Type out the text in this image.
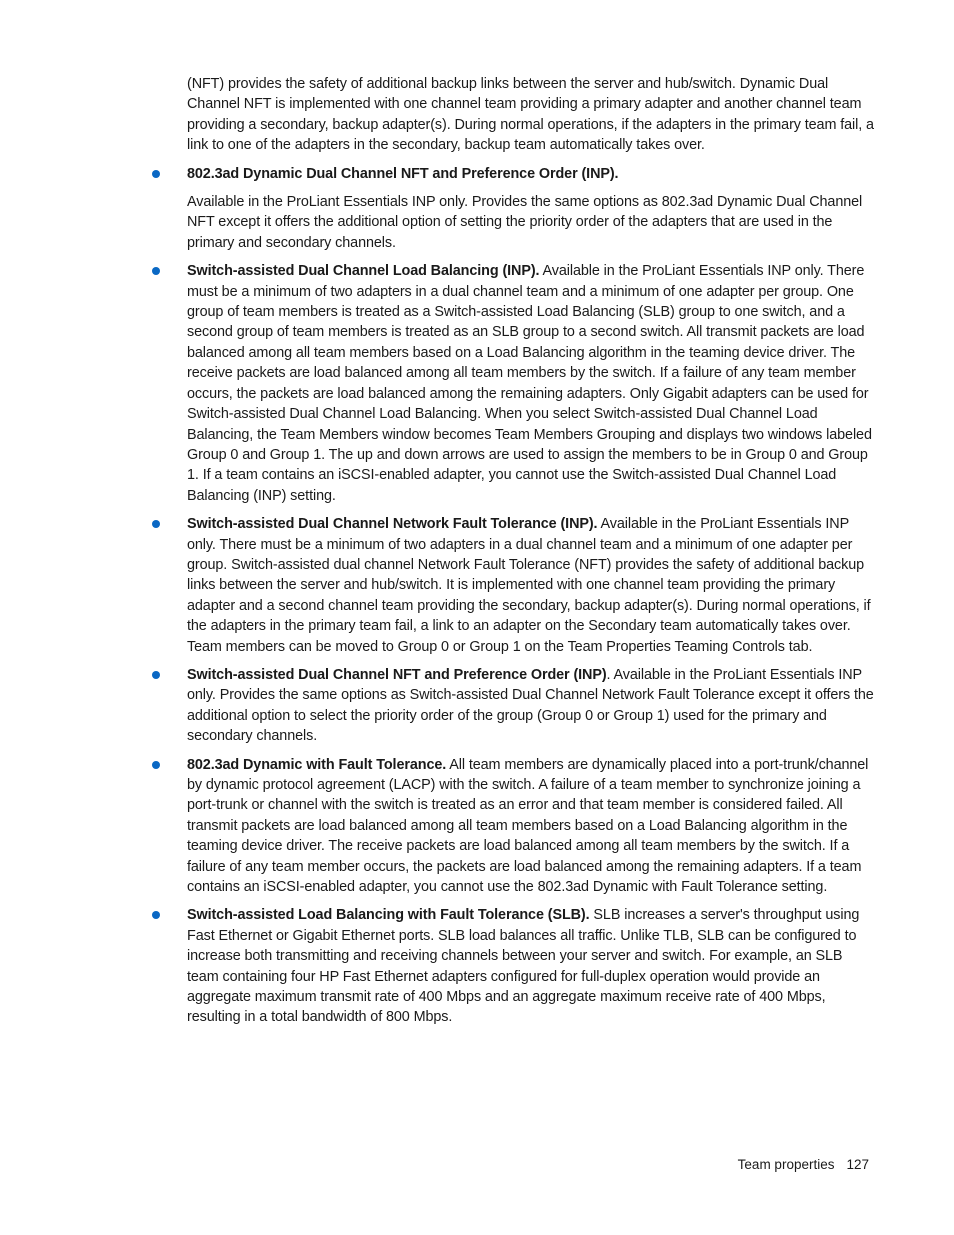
(NFT) provides the safety of additional backup links between the server and hub/switch. Dynamic Dual Channel NFT is implemented with one channel team providing a primary adapter and another channel team providing a secondary, backup adapter(s). During normal operations, if the adapters in the primary team fail, a link to one of the adapters in the secondary, backup team automatically takes over.

802.3ad Dynamic Dual Channel NFT and Preference Order (INP).

Available in the ProLiant Essentials INP only. Provides the same options as 802.3ad Dynamic Dual Channel NFT except it offers the additional option of setting the priority order of the adapters that are used in the primary and secondary channels.

Switch-assisted Dual Channel Load Balancing (INP). Available in the ProLiant Essentials INP only. There must be a minimum of two adapters in a dual channel team and a minimum of one adapter per group. One group of team members is treated as a Switch-assisted Load Balancing (SLB) group to one switch, and a second group of team members is treated as an SLB group to a second switch. All transmit packets are load balanced among all team members based on a Load Balancing algorithm in the teaming device driver. The receive packets are load balanced among all team members by the switch. If a failure of any team member occurs, the packets are load balanced among the remaining adapters. Only Gigabit adapters can be used for Switch-assisted Dual Channel Load Balancing. When you select Switch-assisted Dual Channel Load Balancing, the Team Members window becomes Team Members Grouping and displays two windows labeled Group 0 and Group 1. The up and down arrows are used to assign the members to be in Group 0 and Group 1. If a team contains an iSCSI-enabled adapter, you cannot use the Switch-assisted Dual Channel Load Balancing (INP) setting.

Switch-assisted Dual Channel Network Fault Tolerance (INP). Available in the ProLiant Essentials INP only. There must be a minimum of two adapters in a dual channel team and a minimum of one adapter per group. Switch-assisted dual channel Network Fault Tolerance (NFT) provides the safety of additional backup links between the server and hub/switch. It is implemented with one channel team providing the primary adapter and a second channel team providing the secondary, backup adapter(s). During normal operations, if the adapters in the primary team fail, a link to an adapter on the Secondary team automatically takes over. Team members can be moved to Group 0 or Group 1 on the Team Properties Teaming Controls tab.

Switch-assisted Dual Channel NFT and Preference Order (INP). Available in the ProLiant Essentials INP only. Provides the same options as Switch-assisted Dual Channel Network Fault Tolerance except it offers the additional option to select the priority order of the group (Group 0 or Group 1) used for the primary and secondary channels.

802.3ad Dynamic with Fault Tolerance. All team members are dynamically placed into a port-trunk/channel by dynamic protocol agreement (LACP) with the switch. A failure of a team member to synchronize joining a port-trunk or channel with the switch is treated as an error and that team member is considered failed. All transmit packets are load balanced among all team members based on a Load Balancing algorithm in the teaming device driver. The receive packets are load balanced among all team members by the switch. If a failure of any team member occurs, the packets are load balanced among the remaining adapters. If a team contains an iSCSI-enabled adapter, you cannot use the 802.3ad Dynamic with Fault Tolerance setting.

Switch-assisted Load Balancing with Fault Tolerance (SLB). SLB increases a server's throughput using Fast Ethernet or Gigabit Ethernet ports. SLB load balances all traffic. Unlike TLB, SLB can be configured to increase both transmitting and receiving channels between your server and switch. For example, an SLB team containing four HP Fast Ethernet adapters configured for full-duplex operation would provide an aggregate maximum transmit rate of 400 Mbps and an aggregate maximum receive rate of 400 Mbps, resulting in a total bandwidth of 800 Mbps.

Team properties 127
